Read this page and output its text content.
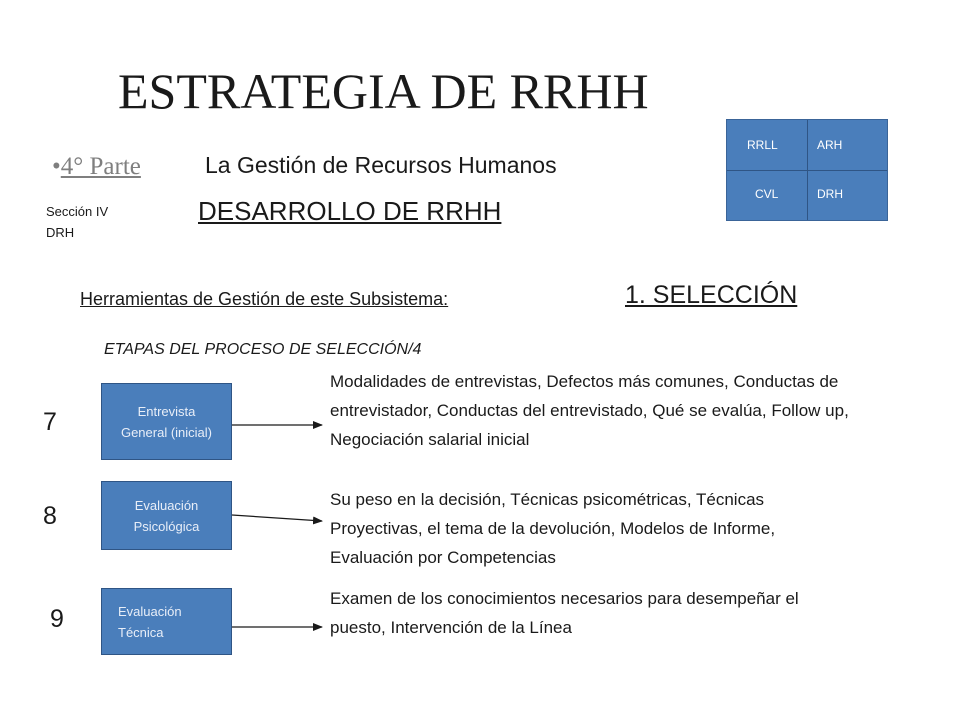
ESTRATEGIA DE RRHH
•4° Parte	La Gestión de Recursos Humanos
Sección IV
DRH
DESARROLLO DE RRHH
RRLL	ARH
CVL	DRH
Herramientas de Gestión de este Subsistema:	1. SELECCIÓN
ETAPAS DEL PROCESO DE SELECCIÓN/4
7	Entrevista
General (inicial)
Modalidades de entrevistas, Defectos más comunes, Conductas de entrevistador, Conductas del entrevistado, Qué se evalúa, Follow up, Negociación salarial inicial
8	Evaluación
Psicológica
Su peso en la decisión, Técnicas psicométricas, Técnicas Proyectivas, el tema de la devolución, Modelos de Informe, Evaluación por Competencias
9	Evaluación
Técnica
Examen de los conocimientos necesarios para desempeñar el puesto, Intervención de la Línea
